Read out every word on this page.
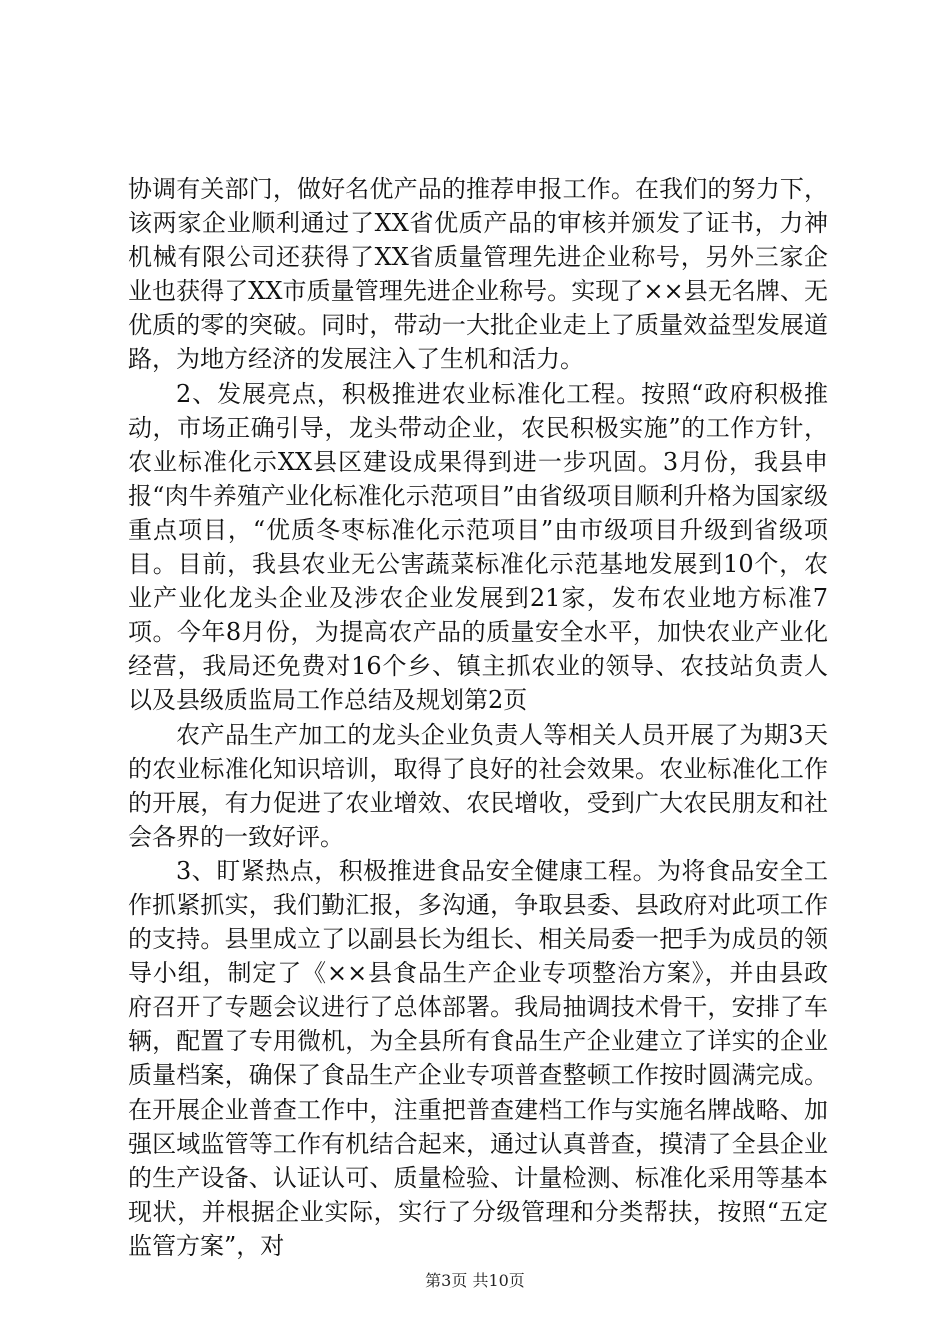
协调有关部门，做好名优产品的推荐申报工作。在我们的努力下，该两家企业顺利通过了XX省优质产品的审核并颁发了证书，力神机械有限公司还获得了XX省质量管理先进企业称号，另外三家企业也获得了XX市质量管理先进企业称号。实现了××县无名牌、无优质的零的突破。同时，带动一大批企业走上了质量效益型发展道路，为地方经济的发展注入了生机和活力。

2、发展亮点，积极推进农业标准化工程。按照“政府积极推动，市场正确引导，龙头带动企业，农民积极实施”的工作方针，农业标准化示XX县区建设成果得到进一步巩固。3月份，我县申报“肉牛养殖产业化标准化示范项目”由省级项目顺利升格为国家级重点项目，“优质冬枣标准化示范项目”由市级项目升级到省级项目。目前，我县农业无公害蔬菜标准化示范基地发展到10个，农业产业化龙头企业及涉农企业发展到21家，发布农业地方标准7项。今年8月份，为提高农产品的质量安全水平，加快农业产业化经营，我局还免费对16个乡、镇主抓农业的领导、农技站负责人以及县级质监局工作总结及规划第2页

农产品生产加工的龙头企业负责人等相关人员开展了为期3天的农业标准化知识培训，取得了良好的社会效果。农业标准化工作的开展，有力促进了农业增效、农民增收，受到广大农民朋友和社会各界的一致好评。

3、盯紧热点，积极推进食品安全健康工程。为将食品安全工作抓紧抓实，我们勤汇报，多沟通，争取县委、县政府对此项工作的支持。县里成立了以副县长为组长、相关局委一把手为成员的领导小组，制定了《××县食品生产企业专项整治方案》，并由县政府召开了专题会议进行了总体部署。我局抽调技术骨干，安排了车辆，配置了专用微机，为全县所有食品生产企业建立了详实的企业质量档案，确保了食品生产企业专项普查整顿工作按时圆满完成。在开展企业普查工作中，注重把普查建档工作与实施名牌战略、加强区域监管等工作有机结合起来，通过认真普查，摸清了全县企业的生产设备、认证认可、质量检验、计量检测、标准化采用等基本现状，并根据企业实际，实行了分级管理和分类帮扶，按照“五定监管方案”，对

第3页 共10页
